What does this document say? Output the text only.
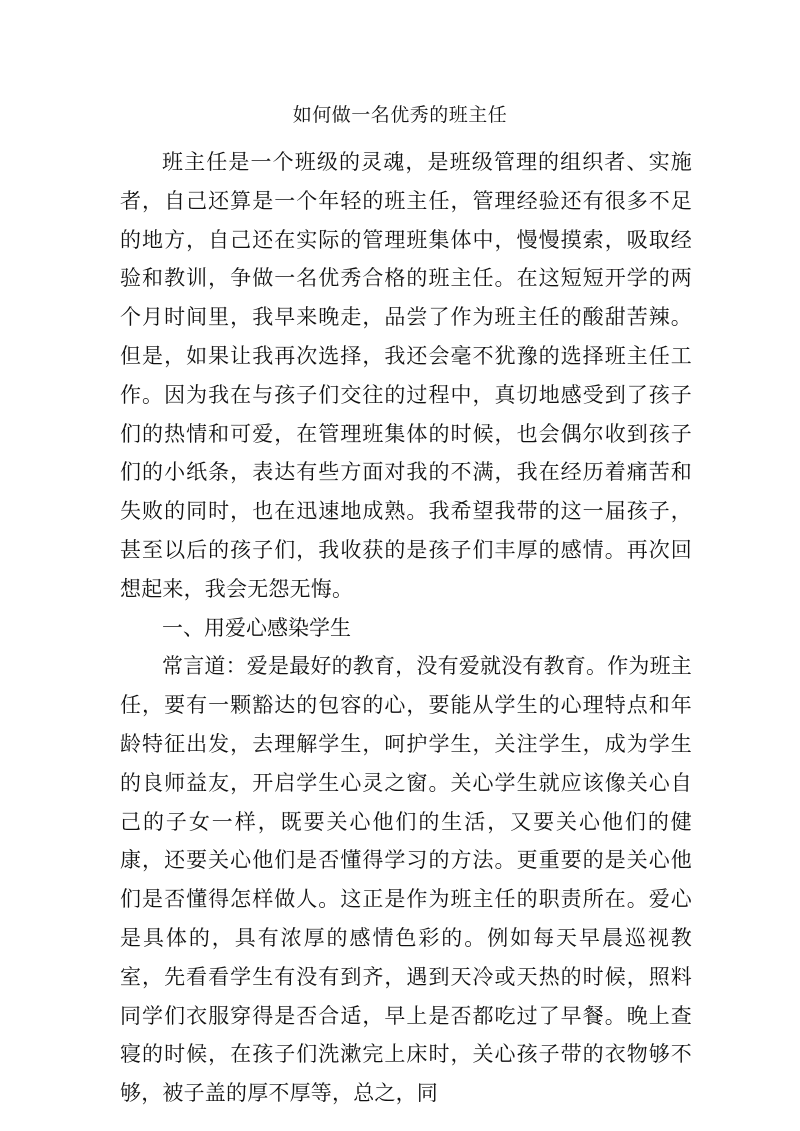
如何做一名优秀的班主任

班主任是一个班级的灵魂，是班级管理的组织者、实施者，自己还算是一个年轻的班主任，管理经验还有很多不足的地方，自己还在实际的管理班集体中，慢慢摸索，吸取经验和教训，争做一名优秀合格的班主任。在这短短开学的两个月时间里，我早来晚走，品尝了作为班主任的酸甜苦辣。但是，如果让我再次选择，我还会毫不犹豫的选择班主任工作。因为我在与孩子们交往的过程中，真切地感受到了孩子们的热情和可爱，在管理班集体的时候，也会偶尔收到孩子们的小纸条，表达有些方面对我的不满，我在经历着痛苦和失败的同时，也在迅速地成熟。我希望我带的这一届孩子，甚至以后的孩子们，我收获的是孩子们丰厚的感情。再次回想起来，我会无怨无悔。

一、用爱心感染学生

常言道：爱是最好的教育，没有爱就没有教育。作为班主任，要有一颗豁达的包容的心，要能从学生的心理特点和年龄特征出发，去理解学生，呵护学生，关注学生，成为学生的良师益友，开启学生心灵之窗。关心学生就应该像关心自己的子女一样，既要关心他们的生活，又要关心他们的健康，还要关心他们是否懂得学习的方法。更重要的是关心他们是否懂得怎样做人。这正是作为班主任的职责所在。爱心是具体的，具有浓厚的感情色彩的。例如每天早晨巡视教室，先看看学生有没有到齐，遇到天冷或天热的时候，照料同学们衣服穿得是否合适，早上是否都吃过了早餐。晚上查寝的时候，在孩子们洗漱完上床时，关心孩子带的衣物够不够，被子盖的厚不厚等，总之，同
